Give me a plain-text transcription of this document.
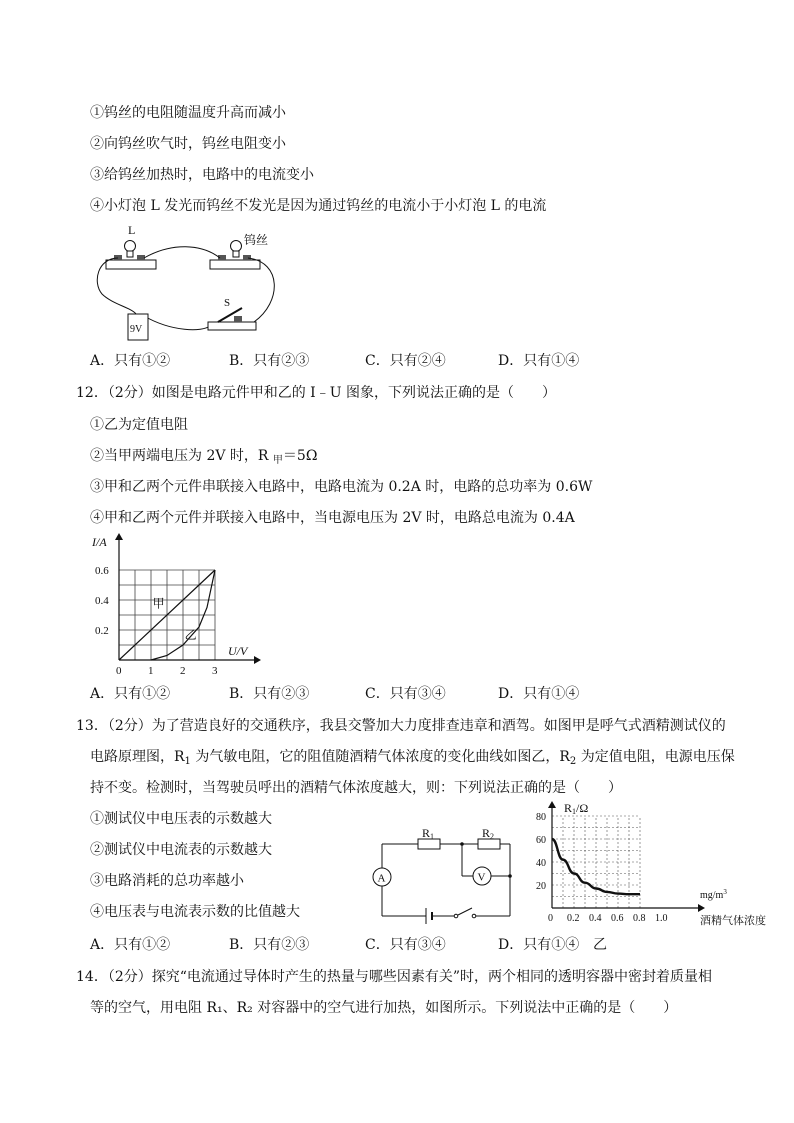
①钨丝的电阻随温度升高而减小
②向钨丝吹气时，钨丝电阻变小
③给钨丝加热时，电路中的电流变小
④小灯泡 L 发光而钨丝不发光是因为通过钨丝的电流小于小灯泡 L 的电流
L
钨丝
9V
S
A．只有①②	B．只有②③	C．只有②④	D．只有①④
12．（2分）如图是电路元件甲和乙的 I﹣U 图象，下列说法正确的是（　　）
①乙为定值电阻
②当甲两端电压为 2V 时，R $_甲$＝5Ω
③甲和乙两个元件串联接入电路中，电路电流为 0.2A 时，电路的总功率为 0.6W
④甲和乙两个元件并联接入电路中，当电源电压为 2V 时，电路总电流为 0.4A
0 1 2 3
0.2
0.4
0.6
I/A
U/V
甲
乙
A．只有①②	B．只有②③	C．只有③④	D．只有①④
13．（2分）为了营造良好的交通秩序，我县交警加大力度排查违章和酒驾。如图甲是呼气式酒精测试仪的
电路原理图，$R_1$ 为气敏电阻，它的阻值随酒精气体浓度的变化曲线如图乙，$R_2$ 为定值电阻，电源电压保
持不变。检测时，当驾驶员呼出的酒精气体浓度越大，则：下列说法正确的是（　　）
①测试仪中电压表的示数越大
②测试仪中电流表的示数越大
③电路消耗的总功率越小
④电压表与电流表示数的比值越大
R1	R2
V
A
0 0.2 0.4 0.6 0.8 1.0
20
40
60
80
R1/Ω
$mg/m^3$
酒精气体浓度
A．只有①②	B．只有②③	C．只有③④	D．只有①④ 乙
14．（2分）探究“电流通过导体时产生的热量与哪些因素有关”时，两个相同的透明容器中密封着质量相
等的空气，用电阻 R₁、R₂ 对容器中的空气进行加热，如图所示。下列说法中正确的是（　　）
